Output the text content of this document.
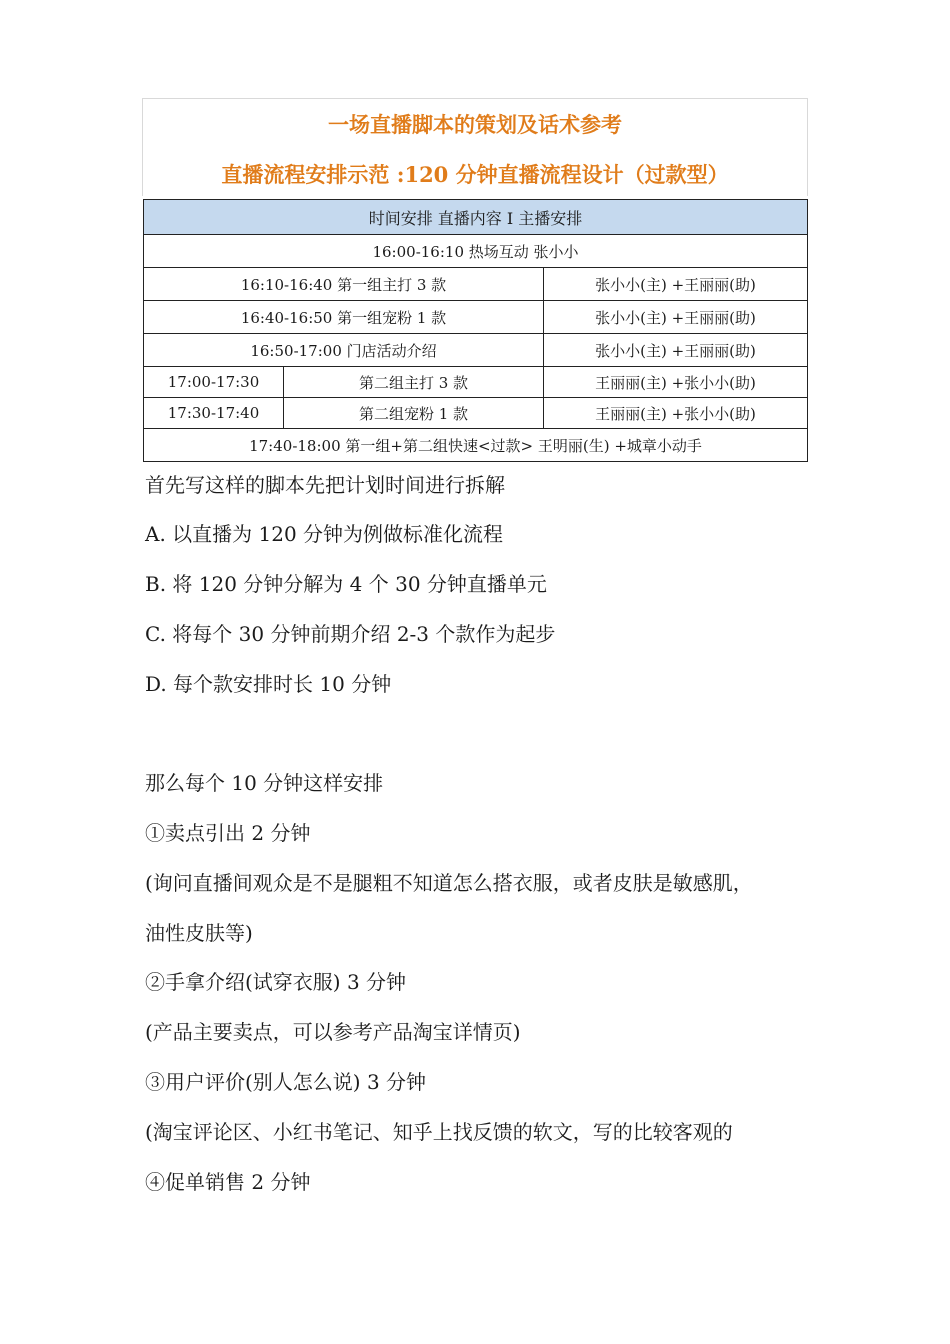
一场直播脚本的策划及话术参考
直播流程安排示范 :120 分钟直播流程设计（过款型）
时间安排 直播内容 I 主播安排		
16:00-16:10 热场互动 张小小		
16:10-16:40 第一组主打 3 款		张小小(主) +王丽丽(助)
16:40-16:50 第一组宠粉 1 款		张小小(主) +王丽丽(助)
16:50-17:00 门店活动介绍		张小小(主) +王丽丽(助)
17:00-17:30	第二组主打 3 款	王丽丽(主) +张小小(助)
17:30-17:40	第二组宠粉 1 款	王丽丽(主) +张小小(助)
17:40-18:00 第一组+第二组快速<过款> 王明丽(生) +城章小动手		
首先写这样的脚本先把计划时间进行拆解
A. 以直播为 120 分钟为例做标准化流程
B. 将 120 分钟分解为 4 个 30 分钟直播单元
C. 将每个 30 分钟前期介绍 2-3 个款作为起步
D. 每个款安排时长 10 分钟
那么每个 10 分钟这样安排
①卖点引出 2 分钟
(询问直播间观众是不是腿粗不知道怎么搭衣服，或者皮肤是敏感肌，
油性皮肤等)
②手拿介绍(试穿衣服) 3 分钟
(产品主要卖点，可以参考产品淘宝详情页)
③用户评价(别人怎么说) 3 分钟
(淘宝评论区、小红书笔记、知乎上找反馈的软文，写的比较客观的
④促单销售 2 分钟
